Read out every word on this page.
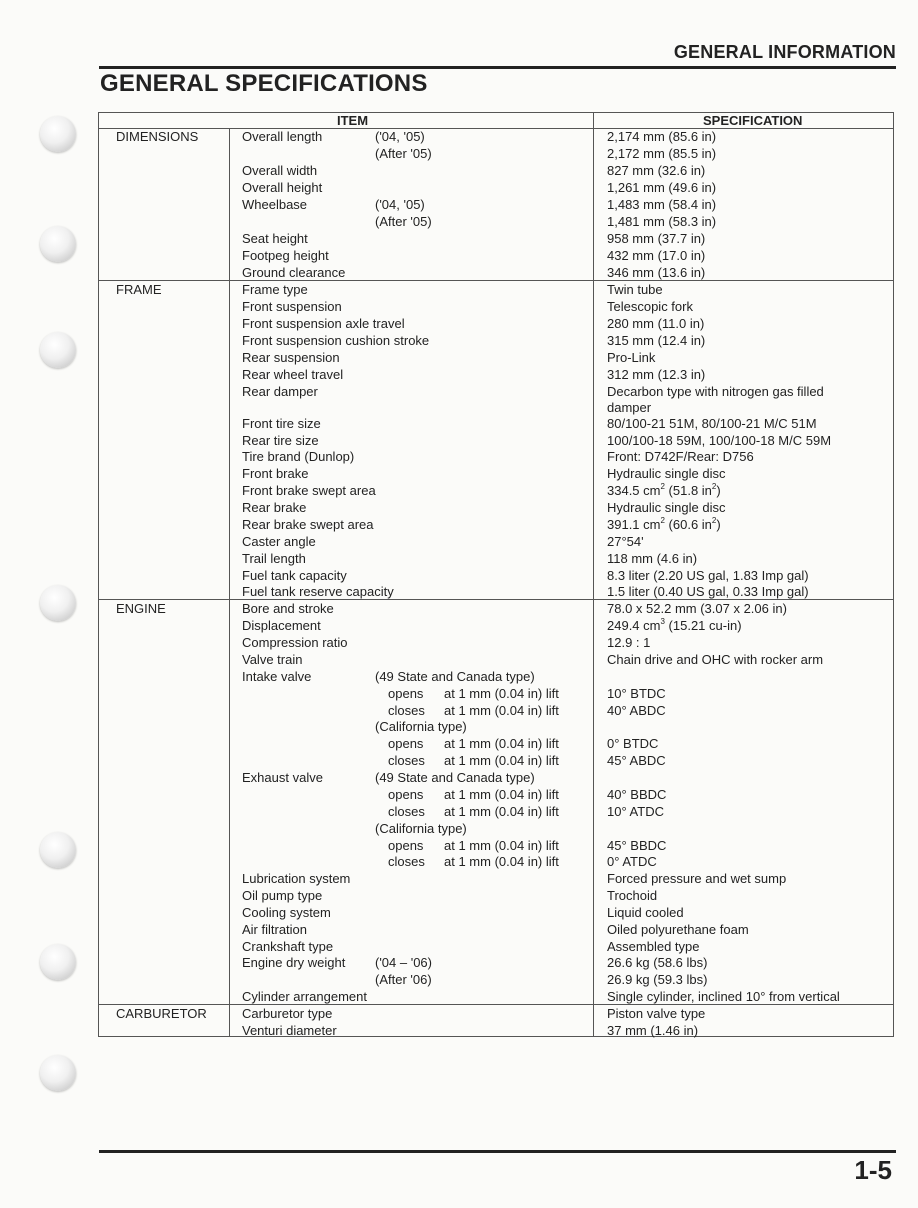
GENERAL INFORMATION
GENERAL SPECIFICATIONS
ITEM	SPECIFICATION
DIMENSIONS	Overall length	('04, '05)	2,174 mm (85.6 in)
(After '05)	2,172 mm (85.5 in)
Overall width	827 mm (32.6 in)
Overall height	1,261 mm (49.6 in)
Wheelbase	('04, '05)	1,483 mm (58.4 in)
(After '05)	1,481 mm (58.3 in)
Seat height	958 mm (37.7 in)
Footpeg height	432 mm (17.0 in)
Ground clearance	346 mm (13.6 in)
FRAME	Frame type	Twin tube
Front suspension	Telescopic fork
Front suspension axle travel	280 mm (11.0 in)
Front suspension cushion stroke	315 mm (12.4 in)
Rear suspension	Pro-Link
Rear wheel travel	312 mm (12.3 in)
Rear damper	Decarbon type with nitrogen gas filled
damper
Front tire size	80/100-21 51M, 80/100-21 M/C 51M
Rear tire size	100/100-18 59M, 100/100-18 M/C 59M
Tire brand (Dunlop)	Front: D742F/Rear: D756
Front brake	Hydraulic single disc
Front brake swept area	334.5 $cm^2$ (51.8 $in^2$)
Rear brake	Hydraulic single disc
Rear brake swept area	391.1 $cm^2$ (60.6 $in^2$)
Caster angle	27°54'
Trail length	118 mm (4.6 in)
Fuel tank capacity	8.3 liter (2.20 US gal, 1.83 Imp gal)
Fuel tank reserve capacity	1.5 liter (0.40 US gal, 0.33 Imp gal)
ENGINE	Bore and stroke	78.0 x 52.2 mm (3.07 x 2.06 in)
Displacement	249.4 $cm^3$ (15.21 cu-in)
Compression ratio	12.9 : 1
Valve train	Chain drive and OHC with rocker arm
Intake valve	(49 State and Canada type)
opens at 1 mm (0.04 in) lift	10° BTDC
closes at 1 mm (0.04 in) lift	40° ABDC
(California type)
opens at 1 mm (0.04 in) lift	0° BTDC
closes at 1 mm (0.04 in) lift	45° ABDC
Exhaust valve	(49 State and Canada type)
opens at 1 mm (0.04 in) lift	40° BBDC
closes at 1 mm (0.04 in) lift	10° ATDC
(California type)
opens at 1 mm (0.04 in) lift	45° BBDC
closes at 1 mm (0.04 in) lift	0° ATDC
Lubrication system	Forced pressure and wet sump
Oil pump type	Trochoid
Cooling system	Liquid cooled
Air filtration	Oiled polyurethane foam
Crankshaft type	Assembled type
Engine dry weight ('04 – '06)	26.6 kg (58.6 lbs)
(After '06)	26.9 kg (59.3 lbs)
Cylinder arrangement	Single cylinder, inclined 10° from vertical
CARBURETOR	Carburetor type	Piston valve type
Venturi diameter	37 mm (1.46 in)
1-5
